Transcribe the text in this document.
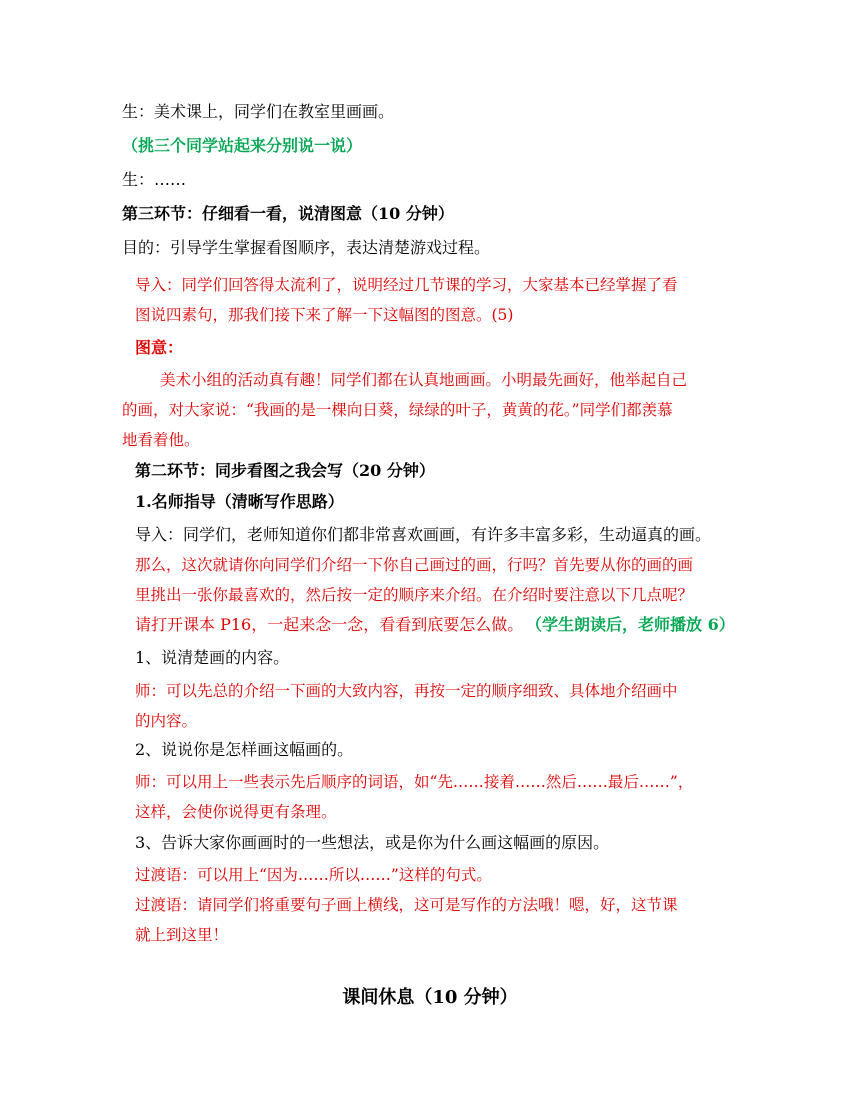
生：美术课上，同学们在教室里画画。
（挑三个同学站起来分别说一说）
生：……
第三环节：仔细看一看，说清图意（10 分钟）
目的：引导学生掌握看图顺序，表达清楚游戏过程。
导入：同学们回答得太流利了，说明经过几节课的学习，大家基本已经掌握了看
图说四素句，那我们接下来了解一下这幅图的图意。(5)
图意：
美术小组的活动真有趣！同学们都在认真地画画。小明最先画好，他举起自己
的画，对大家说：“我画的是一棵向日葵，绿绿的叶子，黄黄的花。”同学们都羡慕
地看着他。
第二环节：同步看图之我会写（20 分钟）
1.名师指导（清晰写作思路）
导入：同学们，老师知道你们都非常喜欢画画，有许多丰富多彩，生动逼真的画。
那么，这次就请你向同学们介绍一下你自己画过的画，行吗？首先要从你的画的画
里挑出一张你最喜欢的，然后按一定的顺序来介绍。在介绍时要注意以下几点呢？
请打开课本 P16，一起来念一念，看看到底要怎么做。 （学生朗读后，老师播放 6）
1、说清楚画的内容。
师：可以先总的介绍一下画的大致内容，再按一定的顺序细致、具体地介绍画中
的内容。
2、说说你是怎样画这幅画的。
师：可以用上一些表示先后顺序的词语，如“先……接着……然后……最后……”，
这样，会使你说得更有条理。
3、告诉大家你画画时的一些想法，或是你为什么画这幅画的原因。
过渡语：可以用上“因为……所以……”这样的句式。
过渡语：请同学们将重要句子画上横线，这可是写作的方法哦！嗯，好，这节课
就上到这里！
课间休息（10 分钟）
